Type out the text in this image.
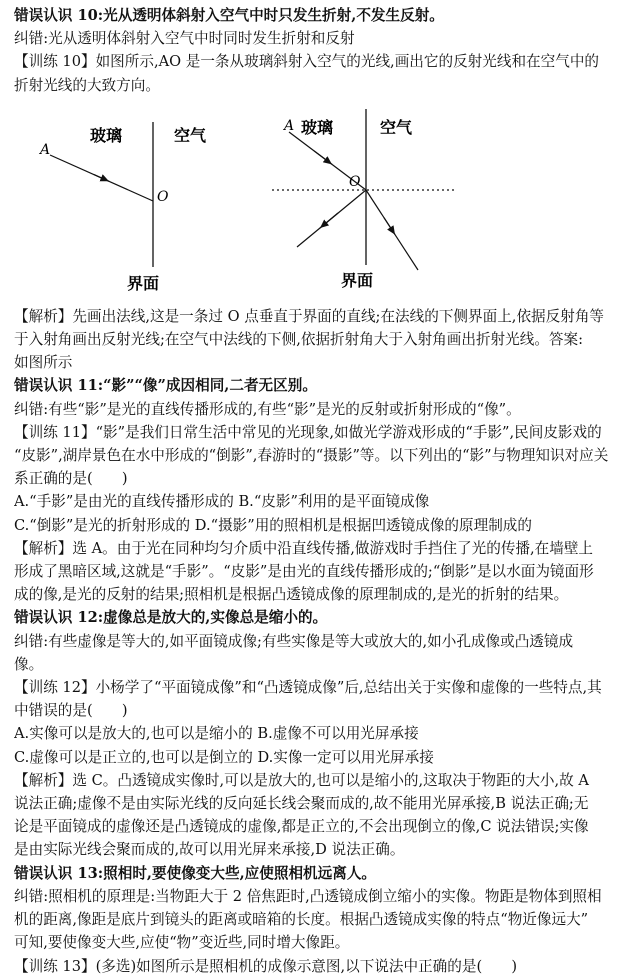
错误认识 10:光从透明体斜射入空气中时只发生折射,不发生反射。
纠错:光从透明体斜射入空气中时同时发生折射和反射
【训练 10】如图所示,AO 是一条从玻璃斜射入空气的光线,画出它的反射光线和在空气中的
折射光线的大致方向。
玻璃	空气
A
O
界面
玻璃	空气
A
O
界面
【解析】先画出法线,这是一条过 O 点垂直于界面的直线;在法线的下侧界面上,依据反射角等
于入射角画出反射光线;在空气中法线的下侧,依据折射角大于入射角画出折射光线。答案:
如图所示
错误认识 11:“影”“像”成因相同,二者无区别。
纠错:有些“影”是光的直线传播形成的,有些“影”是光的反射或折射形成的“像”。
【训练 11】“影”是我们日常生活中常见的光现象,如做光学游戏形成的“手影”,民间皮影戏的
“皮影”,湖岸景色在水中形成的“倒影”,春游时的“摄影”等。以下列出的“影”与物理知识对应关
系正确的是(　　)
A.“手影”是由光的直线传播形成的 B.“皮影”利用的是平面镜成像
C.“倒影”是光的折射形成的 D.“摄影”用的照相机是根据凹透镜成像的原理制成的
【解析】选 A。由于光在同种均匀介质中沿直线传播,做游戏时手挡住了光的传播,在墙壁上
形成了黑暗区域,这就是“手影”。“皮影”是由光的直线传播形成的;“倒影”是以水面为镜面形
成的像,是光的反射的结果;照相机是根据凸透镜成像的原理制成的,是光的折射的结果。
错误认识 12:虚像总是放大的,实像总是缩小的。
纠错:有些虚像是等大的,如平面镜成像;有些实像是等大或放大的,如小孔成像或凸透镜成
像。
【训练 12】小杨学了“平面镜成像”和“凸透镜成像”后,总结出关于实像和虚像的一些特点,其
中错误的是(　　)
A.实像可以是放大的,也可以是缩小的 B.虚像不可以用光屏承接
C.虚像可以是正立的,也可以是倒立的 D.实像一定可以用光屏承接
【解析】选 C。凸透镜成实像时,可以是放大的,也可以是缩小的,这取决于物距的大小,故 A
说法正确;虚像不是由实际光线的反向延长线会聚而成的,故不能用光屏承接,B 说法正确;无
论是平面镜成的虚像还是凸透镜成的虚像,都是正立的,不会出现倒立的像,C 说法错误;实像
是由实际光线会聚而成的,故可以用光屏来承接,D 说法正确。
错误认识 13:照相时,要使像变大些,应使照相机远离人。
纠错:照相机的原理是:当物距大于 2 倍焦距时,凸透镜成倒立缩小的实像。物距是物体到照相
机的距离,像距是底片到镜头的距离或暗箱的长度。根据凸透镜成实像的特点“物近像远大”
可知,要使像变大些,应使“物”变近些,同时增大像距。
【训练 13】(多选)如图所示是照相机的成像示意图,以下说法中正确的是(　　)
